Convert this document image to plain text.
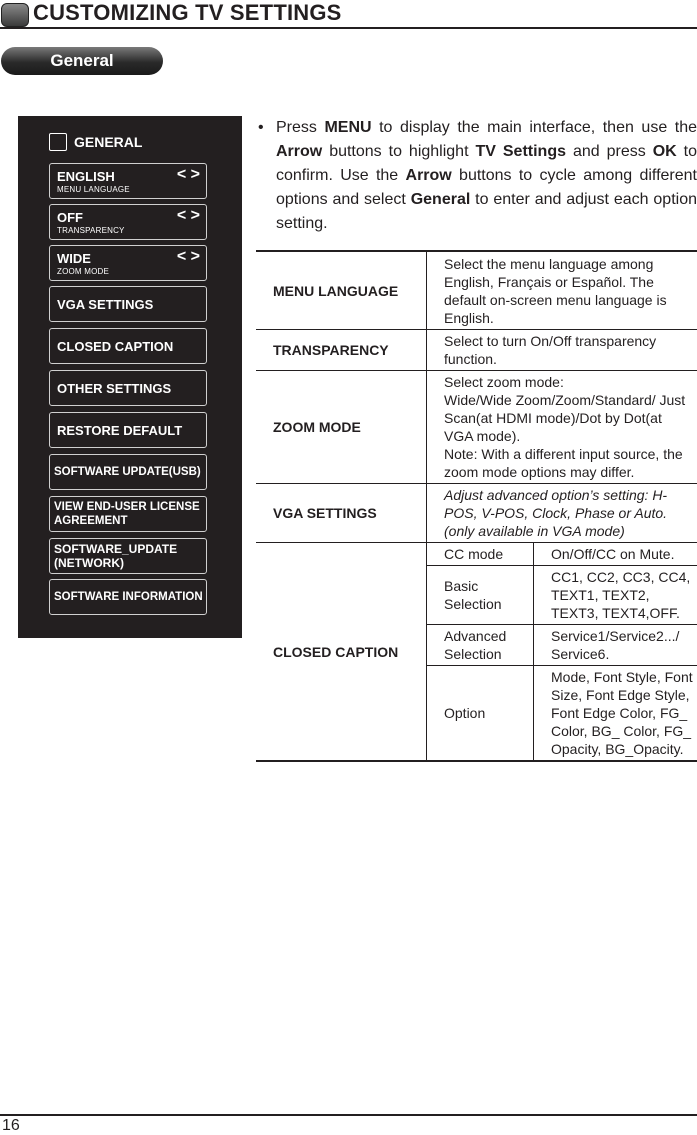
CUSTOMIZING TV SETTINGS
General
GENERAL
ENGLISH
MENU LANGUAGE
< >
OFF
TRANSPARENCY
< >
WIDE
ZOOM MODE
< >
VGA SETTINGS
CLOSED CAPTION
OTHER SETTINGS
RESTORE DEFAULT
SOFTWARE UPDATE(USB)
VIEW END-USER LICENSE
AGREEMENT
SOFTWARE_UPDATE
(NETWORK)
SOFTWARE INFORMATION
• Press MENU to display the main interface, then use the Arrow buttons to highlight TV Settings and press OK to confirm. Use the Arrow buttons to cycle among different options and select General to enter and adjust each option setting.
MENU LANGUAGE	Select the menu language among English, Français or Español. The default on-screen menu language is English.	
TRANSPARENCY	Select to turn On/Off transparency function.	
ZOOM MODE	Select zoom mode:
Wide/Wide Zoom/Zoom/Standard/ Just Scan(at HDMI mode)/Dot by Dot(at VGA mode).
Note: With a different input source, the zoom mode options may differ.	

VGA SETTINGS	Adjust advanced option’s setting: H-POS, V-POS, Clock, Phase or Auto. (only available in VGA mode)	
CLOSED CAPTION	CC mode	On/Off/CC on Mute.
	Basic Selection	CC1, CC2, CC3, CC4, TEXT1, TEXT2, TEXT3, TEXT4,OFF.
	Advanced Selection	Service1/Service2.../ Service6.
	Option	Mode, Font Style, Font Size, Font Edge Style, Font Edge Color, FG_ Color, BG_ Color, FG_ Opacity, BG_Opacity.
16
